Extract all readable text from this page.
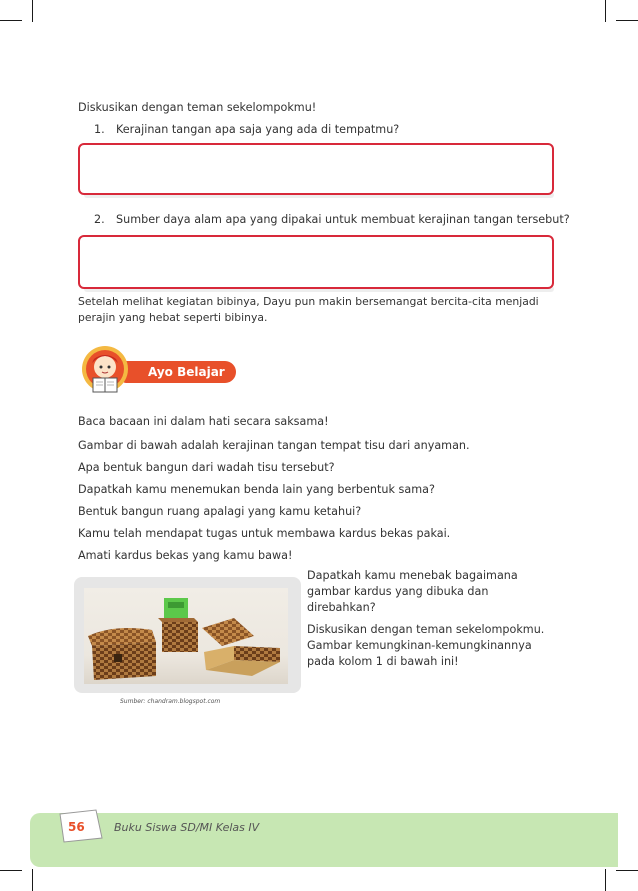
Diskusikan dengan teman sekelompokmu!
1. Kerajinan tangan apa saja yang ada di tempatmu?
2. Sumber daya alam apa yang dipakai untuk membuat kerajinan tangan tersebut?
Setelah melihat kegiatan bibinya, Dayu pun makin bersemangat bercita-cita menjadi perajin yang hebat seperti bibinya.
Ayo Belajar
Baca bacaan ini dalam hati secara saksama!
Gambar di bawah adalah kerajinan tangan tempat tisu dari anyaman.
Apa bentuk bangun dari wadah tisu tersebut?
Dapatkah kamu menemukan benda lain yang berbentuk sama?
Bentuk bangun ruang apalagi yang kamu ketahui?
Kamu telah mendapat tugas untuk membawa kardus bekas pakai.
Amati kardus bekas yang kamu bawa!
Sumber: chandram.blogspot.com
Dapatkah kamu menebak bagaimana
gambar kardus yang dibuka dan
direbahkan?
Diskusikan dengan teman sekelompokmu.
Gambar kemungkinan-kemungkinannya
pada kolom 1 di bawah ini!
56	Buku Siswa SD/MI Kelas IV
